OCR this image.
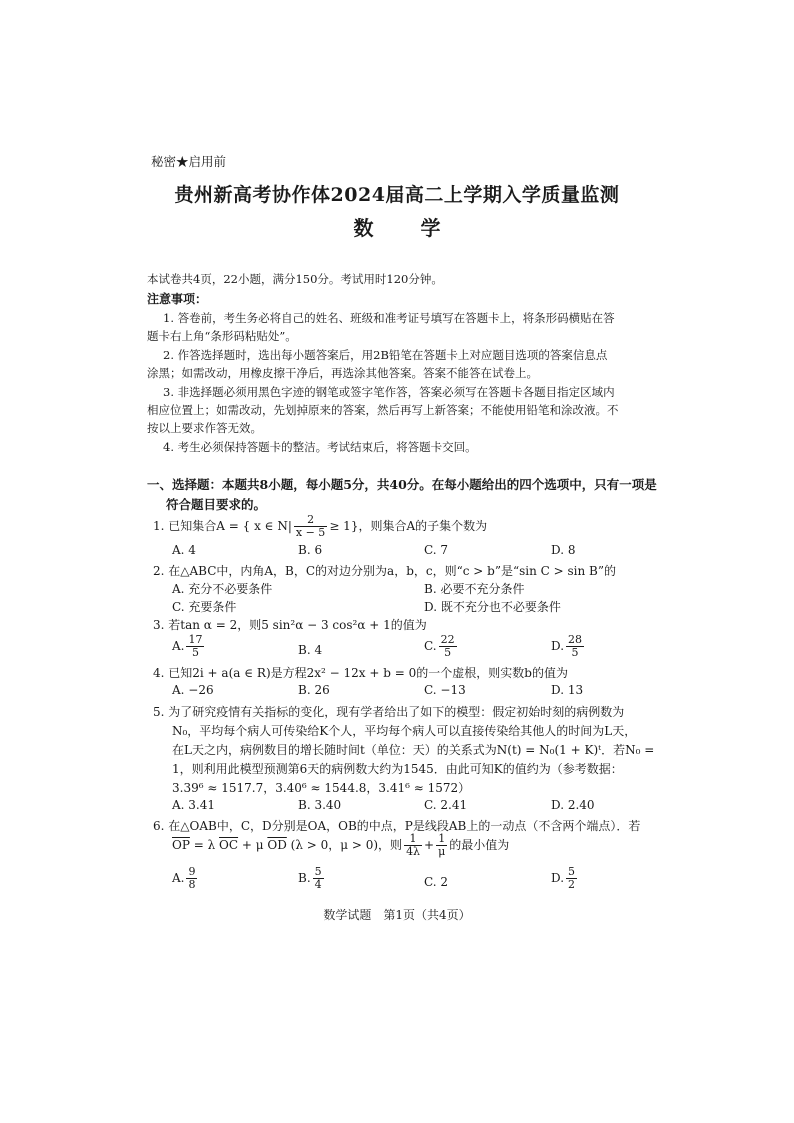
秘密★启用前
贵州新高考协作体2024届高二上学期入学质量监测
数 学
本试卷共4页，22小题，满分150分。考试用时120分钟。
注意事项：
1. 答卷前，考生务必将自己的姓名、班级和准考证号填写在答题卡上，将条形码横贴在答
题卡右上角“条形码粘贴处”。
2. 作答选择题时，选出每小题答案后，用2B铅笔在答题卡上对应题目选项的答案信息点
涂黑；如需改动，用橡皮擦干净后，再选涂其他答案。答案不能答在试卷上。
3. 非选择题必须用黑色字迹的钢笔或签字笔作答，答案必须写在答题卡各题目指定区域内
相应位置上；如需改动，先划掉原来的答案，然后再写上新答案；不能使用铅笔和涂改液。不
按以上要求作答无效。
4. 考生必须保持答题卡的整洁。考试结束后，将答题卡交回。
一、选择题：本题共8小题，每小题5分，共40分。在每小题给出的四个选项中，只有一项是
符合题目要求的。
1. 已知集合A = { x ∈ $N| \frac{2}{x - 5} \ge 1$}，则集合A的子集个数为
A. 4	B. 6	C. 7	D. 8
2. 在△ABC中，内角A，B，C的对边分别为a，b，c，则“c > b”是“sin C > sin B”的
A. 充分不必要条件	B. 必要不充分条件
C. 充要条件	D. 既不充分也不必要条件
3. 若tan α = 2，则5 sin²α − 3 cos²α + 1的值为
A. $\frac{17}{5}$	B. 4	C. $\frac{22}{5}$	D. $\frac{28}{5}$
4. 已知2i + a(a ∈ R)是方程2x² − 12x + b = 0的一个虚根，则实数b的值为
A. −26	B. 26	C. −13	D. 13
5. 为了研究疫情有关指标的变化，现有学者给出了如下的模型：假定初始时刻的病例数为
N₀，平均每个病人可传染给K个人，平均每个病人可以直接传染给其他人的时间为L天，
在L天之内，病例数目的增长随时间t（单位：天）的关系式为N(t) = N₀(1 + K)ᵗ．若N₀ =
1，则利用此模型预测第6天的病例数大约为1545．由此可知K的值约为（参考数据：
3.39⁶ ≈ 1517.7，3.40⁶ ≈ 1544.8，3.41⁶ ≈ 1572）
A. 3.41	B. 3.40	C. 2.41	D. 2.40
6. 在△OAB中，C，D分别是OA，OB的中点，P是线段AB上的一动点（不含两个端点）．若
$\overline{OP} = \lambda$ $\overline{OC} + \mu$ $\overline{OD}$ (λ > 0，μ > 0)，则 $\frac{1}{4\lambda} + \frac{1}{\mu}$ 的最小值为
A. $\frac{9}{8}$	B. $\frac{5}{4}$	C. 2	D. $\frac{5}{2}$
数学试题　第1页（共4页）
